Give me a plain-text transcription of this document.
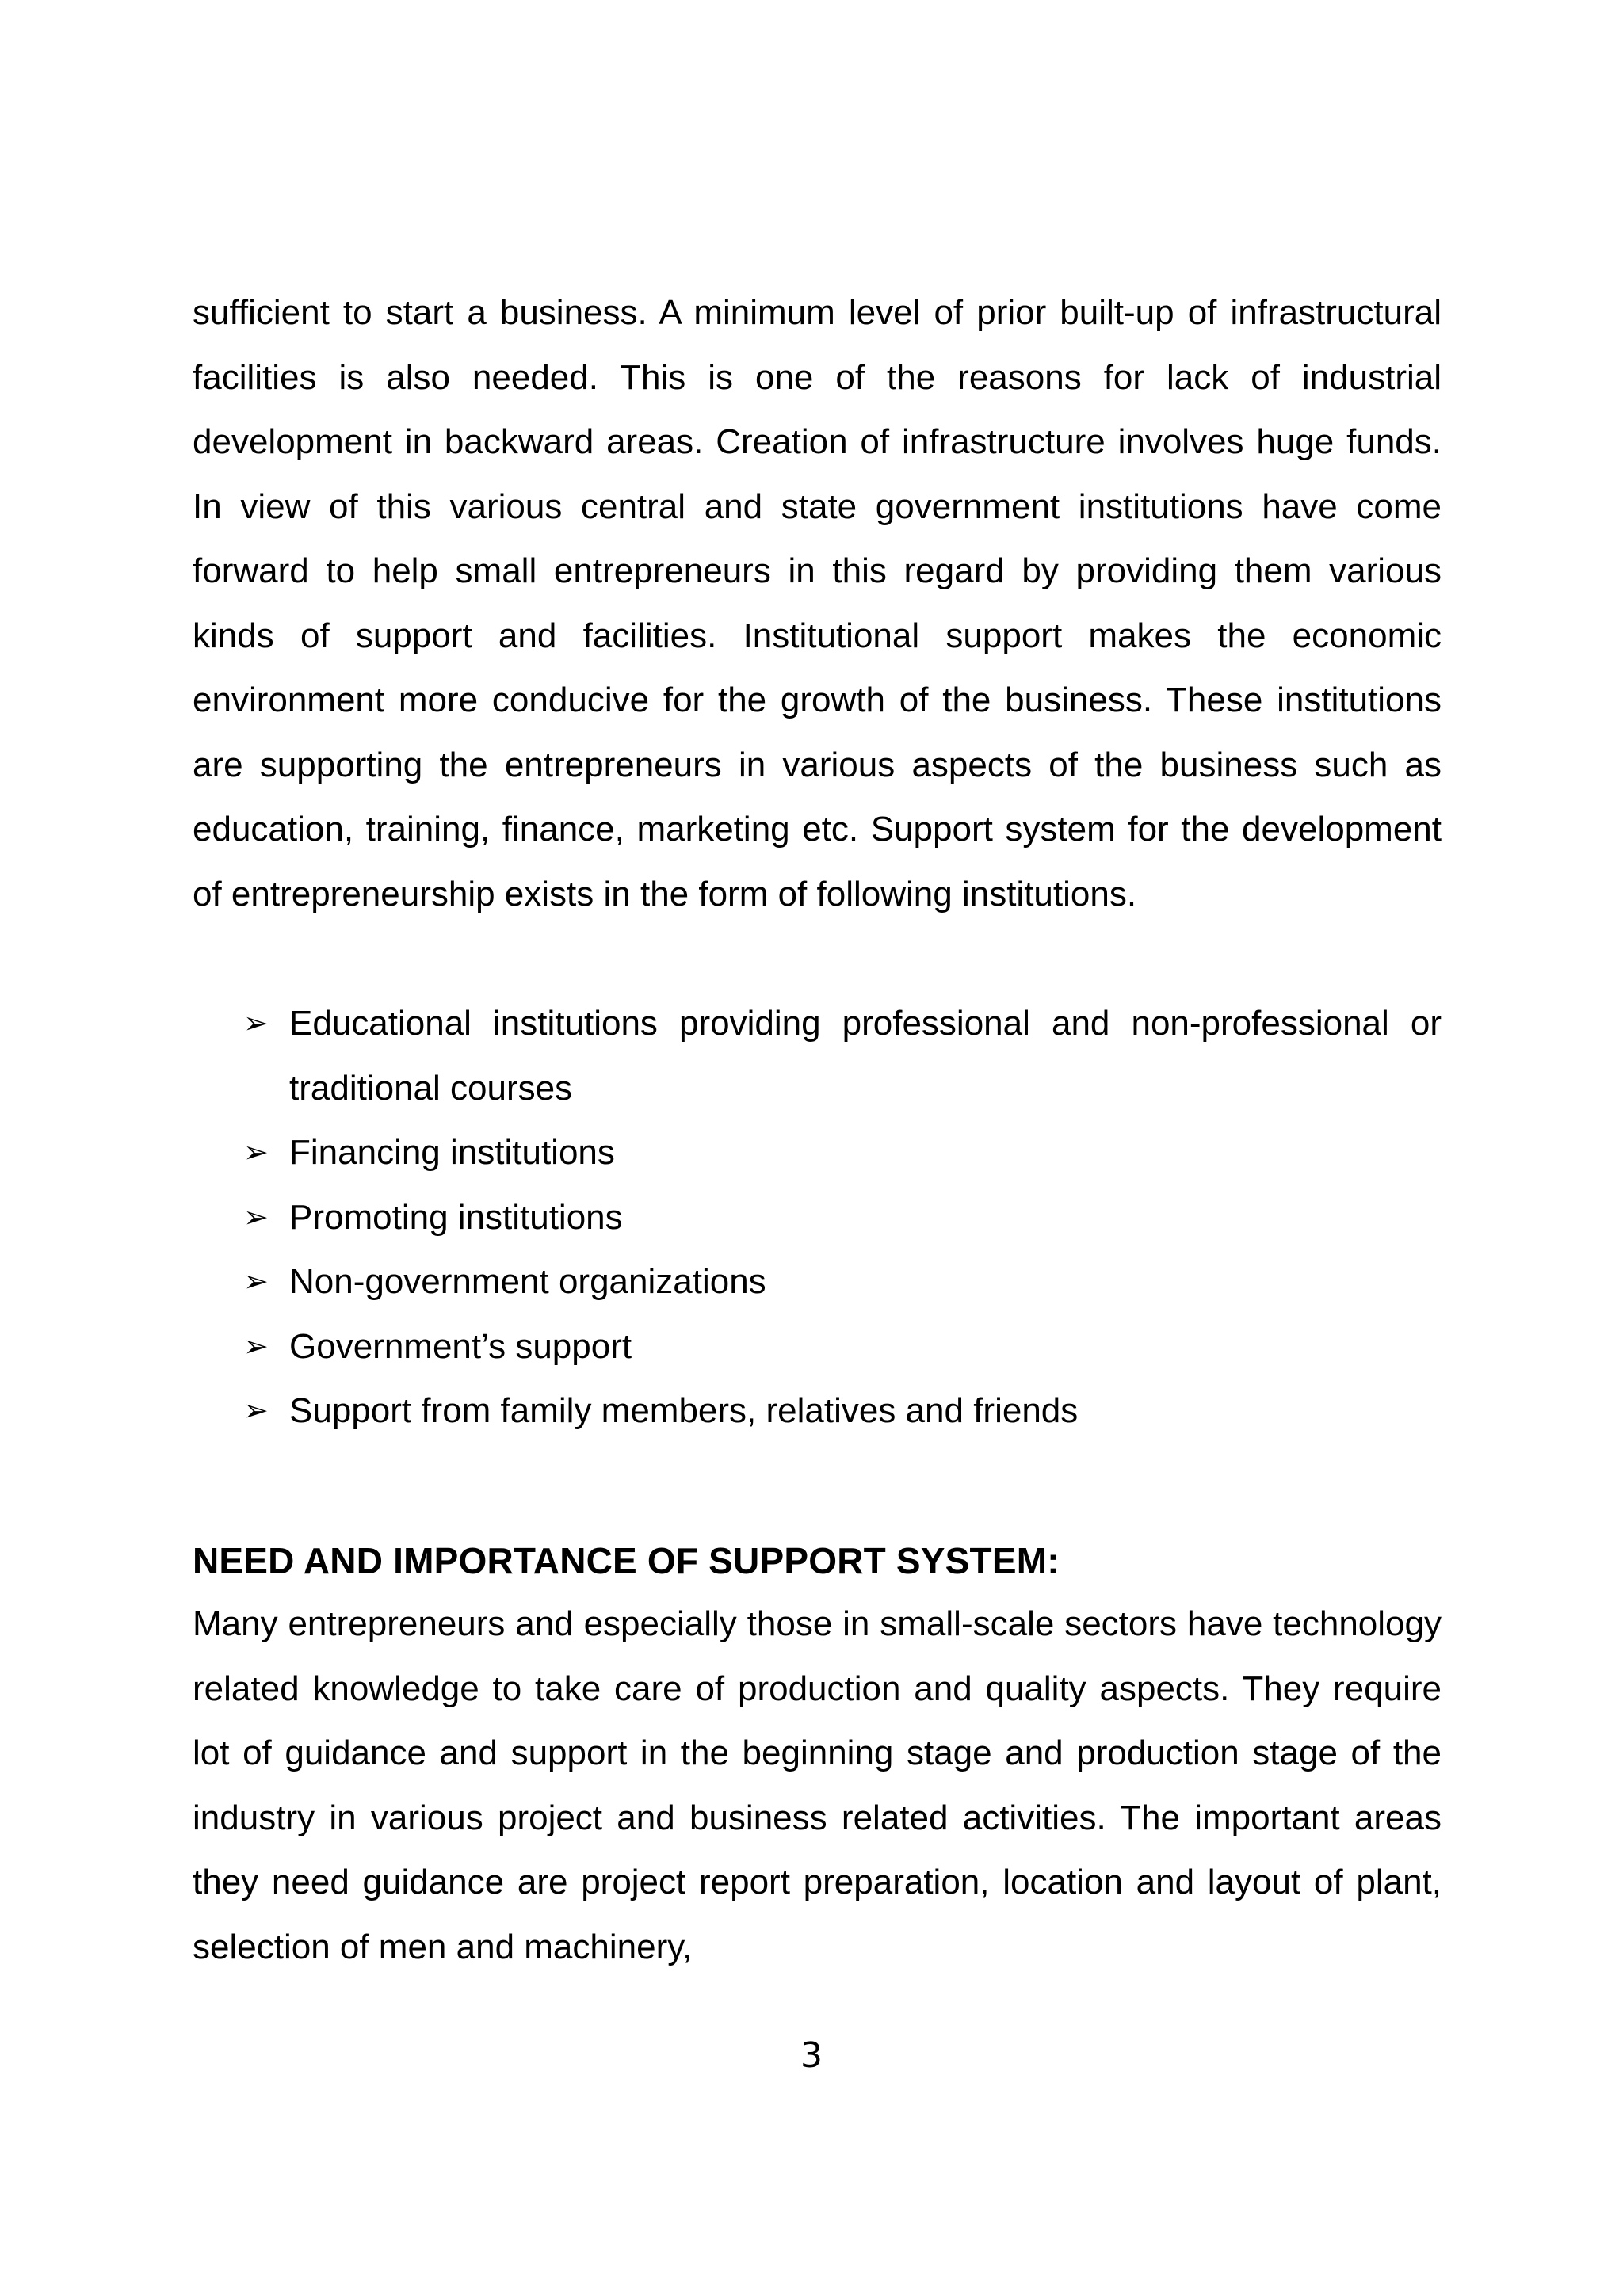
sufficient to start a business. A minimum level of prior built-up of infrastructural facilities is also needed. This is one of the reasons for lack of industrial development in backward areas. Creation of infrastructure involves huge funds. In view of this various central and state government institutions have come forward to help small entrepreneurs in this regard by providing them various kinds of support and facilities. Institutional support makes the economic environment more conducive for the growth of the business. These institutions are supporting the entrepreneurs in various aspects of the business such as education, training, finance, marketing etc. Support system for the development of entrepreneurship exists in the form of following institutions.

➢ Educational institutions providing professional and non-professional or traditional courses
➢ Financing institutions
➢ Promoting institutions
➢ Non-government organizations
➢ Government’s support
➢ Support from family members, relatives and friends
NEED AND IMPORTANCE OF SUPPORT SYSTEM:

Many entrepreneurs and especially those in small-scale sectors have technology related knowledge to take care of production and quality aspects. They require lot of guidance and support in the beginning stage and production stage of the industry in various project and business related activities. The important areas they need guidance are project report preparation, location and layout of plant, selection of men and machinery,

3
